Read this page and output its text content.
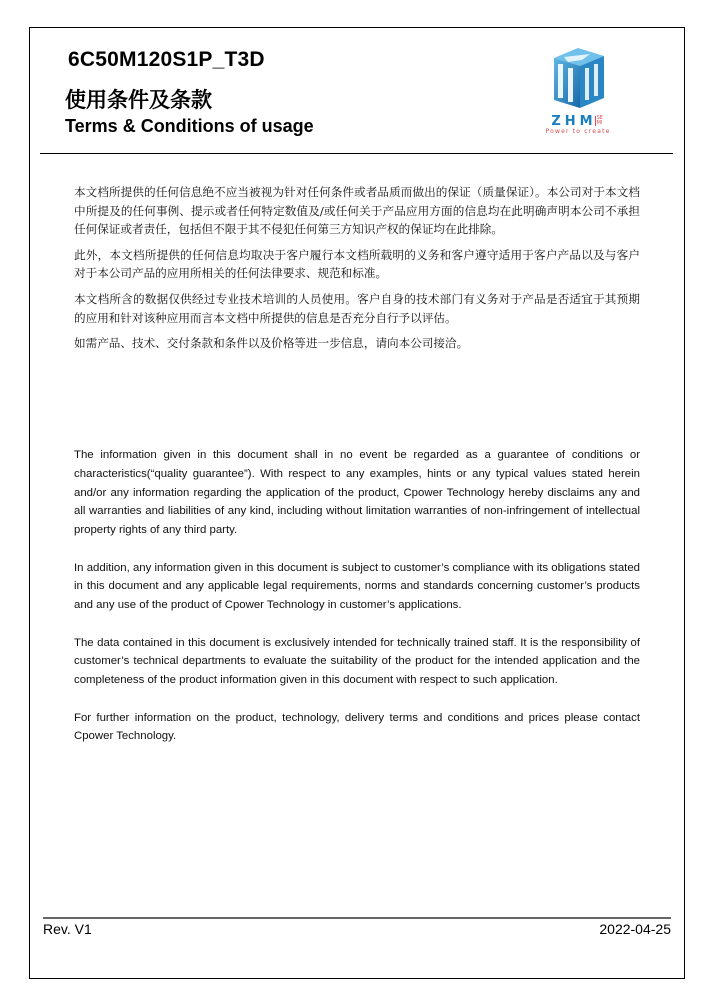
6C50M120S1P_T3D
使用条件及条款
Terms & Conditions of usage	ZHMSEMI
Power to create

本文档所提供的任何信息绝不应当被视为针对任何条件或者品质而做出的保证（质量保证）。本公司对于本文档中所提及的任何事例、提示或者任何特定数值及/或任何关于产品应用方面的信息均在此明确声明本公司不承担任何保证或者责任，包括但不限于其不侵犯任何第三方知识产权的保证均在此排除。

此外，本文档所提供的任何信息均取决于客户履行本文档所载明的义务和客户遵守适用于客户产品以及与客户对于本公司产品的应用所相关的任何法律要求、规范和标准。

本文档所含的数据仅供经过专业技术培训的人员使用。客户自身的技术部门有义务对于产品是否适宜于其预期的应用和针对该种应用而言本文档中所提供的信息是否充分自行予以评估。

如需产品、技术、交付条款和条件以及价格等进一步信息，请向本公司接洽。

The information given in this document shall in no event be regarded as a guarantee of conditions or characteristics(“quality guarantee”). With respect to any examples, hints or any typical values stated herein and/or any information regarding the application of the product, Cpower Technology hereby disclaims any and all warranties and liabilities of any kind, including without limitation warranties of non-infringement of intellectual property rights of any third party.

In addition, any information given in this document is subject to customer’s compliance with its obligations stated in this document and any applicable legal requirements, norms and standards concerning customer’s products and any use of the product of Cpower Technology in customer’s applications.

The data contained in this document is exclusively intended for technically trained staff. It is the responsibility of customer’s technical departments to evaluate the suitability of the product for the intended application and the completeness of the product information given in this document with respect to such application.

For further information on the product, technology, delivery terms and conditions and prices please contact Cpower Technology.

Rev. V1	2022-04-25
